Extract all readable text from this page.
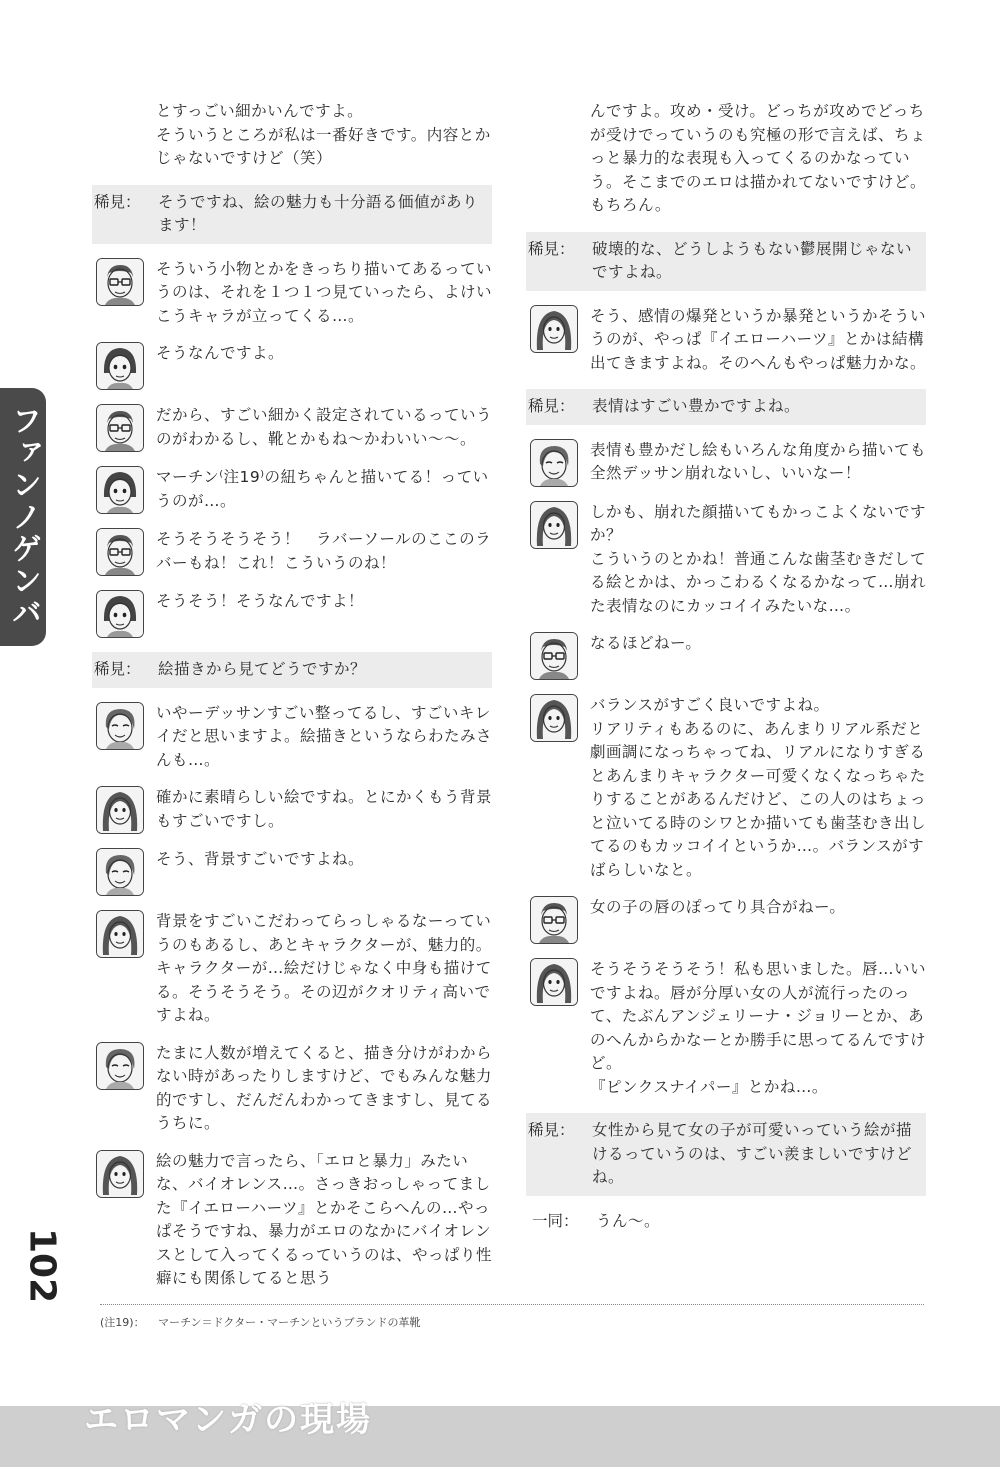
ファンノゲンバ
とすっごい細かいんですよ。
そういうところが私は一番好きです。内容とかじゃないですけど（笑）
稀見：	そうですね、絵の魅力も十分語る価値があります！
そういう小物とかをきっちり描いてあるっていうのは、それを１つ１つ見ていったら、よけいこうキャラが立ってくる…。
そうなんですよ。
だから、すごい細かく設定されているっていうのがわかるし、靴とかもね～かわいい～～。
マーチン⁽注19⁾の紐ちゃんと描いてる！っていうのが…。
そうそうそうそう！　ラバーソールのここのラバーもね！これ！こういうのね！
そうそう！そうなんですよ！
稀見：	絵描きから見てどうですか？
いやーデッサンすごい整ってるし、すごいキレイだと思いますよ。絵描きというならわたみさんも…。
確かに素晴らしい絵ですね。とにかくもう背景もすごいですし。
そう、背景すごいですよね。
背景をすごいこだわってらっしゃるなーっていうのもあるし、あとキャラクターが、魅力的。キャラクターが…絵だけじゃなく中身も描けてる。そうそうそう。その辺がクオリティ高いですよね。
たまに人数が増えてくると、描き分けがわからない時があったりしますけど、でもみんな魅力的ですし、だんだんわかってきますし、見てるうちに。
絵の魅力で言ったら、「エロと暴力」みたいな、バイオレンス…。さっきおっしゃってました『イエローハーツ』とかそこらへんの…やっぱそうですね、暴力がエロのなかにバイオレンスとして入ってくるっていうのは、やっぱり性癖にも関係してると思う
んですよ。攻め・受け。どっちが攻めでどっちが受けでっていうのも究極の形で言えば、ちょっと暴力的な表現も入ってくるのかなっていう。そこまでのエロは描かれてないですけど。もちろん。
稀見：	破壊的な、どうしようもない鬱展開じゃないですよね。
そう、感情の爆発というか暴発というかそういうのが、やっぱ『イエローハーツ』とかは結構出てきますよね。そのへんもやっぱ魅力かな。
稀見：	表情はすごい豊かですよね。
表情も豊かだし絵もいろんな角度から描いても全然デッサン崩れないし、いいなー！
しかも、崩れた顔描いてもかっこよくないですか？
こういうのとかね！普通こんな歯茎むきだしてる絵とかは、かっこわるくなるかなって…崩れた表情なのにカッコイイみたいな…。
なるほどねー。
バランスがすごく良いですよね。
リアリティもあるのに、あんまりリアル系だと劇画調になっちゃってね、リアルになりすぎるとあんまりキャラクター可愛くなくなっちゃたりすることがあるんだけど、この人のはちょっと泣いてる時のシワとか描いても歯茎むき出してるのもカッコイイというか…。バランスがすばらしいなと。
女の子の唇のぽってり具合がねー。
そうそうそうそう！私も思いました。唇…いいですよね。唇が分厚い女の人が流行ったのって、たぶんアンジェリーナ・ジョリーとか、あのへんからかなーとか勝手に思ってるんですけど。
『ピンクスナイパー』とかね…。
稀見：	女性から見て女の子が可愛いっていう絵が描けるっていうのは、すごい羨ましいですけどね。
一同：	うん～。
102
(注19)： マーチン＝ドクター・マーチンというブランドの革靴
エロマンガの現場
